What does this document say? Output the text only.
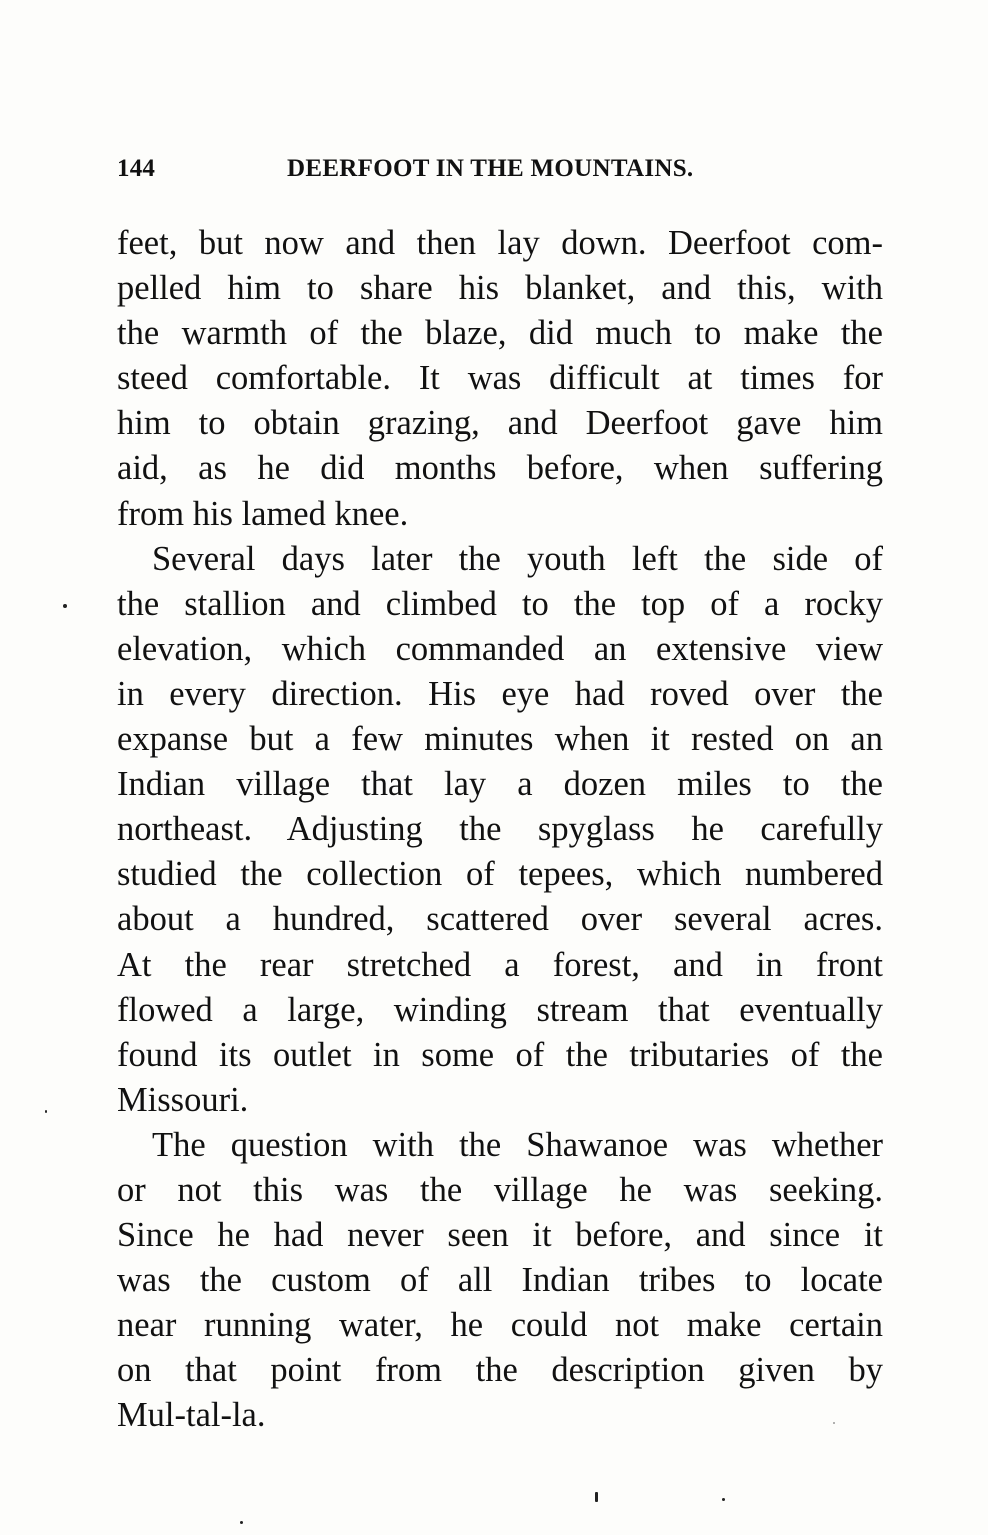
144	DEERFOOT IN THE MOUNTAINS.
feet, but now and then lay down. Deerfoot com-
pelled him to share his blanket, and this, with
the warmth of the blaze, did much to make the
steed comfortable. It was difficult at times for
him to obtain grazing, and Deerfoot gave him
aid, as he did months before, when suffering
from his lamed knee.
Several days later the youth left the side of
the stallion and climbed to the top of a rocky
elevation, which commanded an extensive view
in every direction. His eye had roved over the
expanse but a few minutes when it rested on an
Indian village that lay a dozen miles to the
northeast. Adjusting the spyglass he carefully
studied the collection of tepees, which numbered
about a hundred, scattered over several acres.
At the rear stretched a forest, and in front
flowed a large, winding stream that eventually
found its outlet in some of the tributaries of the
Missouri.
The question with the Shawanoe was whether
or not this was the village he was seeking.
Since he had never seen it before, and since it
was the custom of all Indian tribes to locate
near running water, he could not make certain
on that point from the description given by
Mul-tal-la.
